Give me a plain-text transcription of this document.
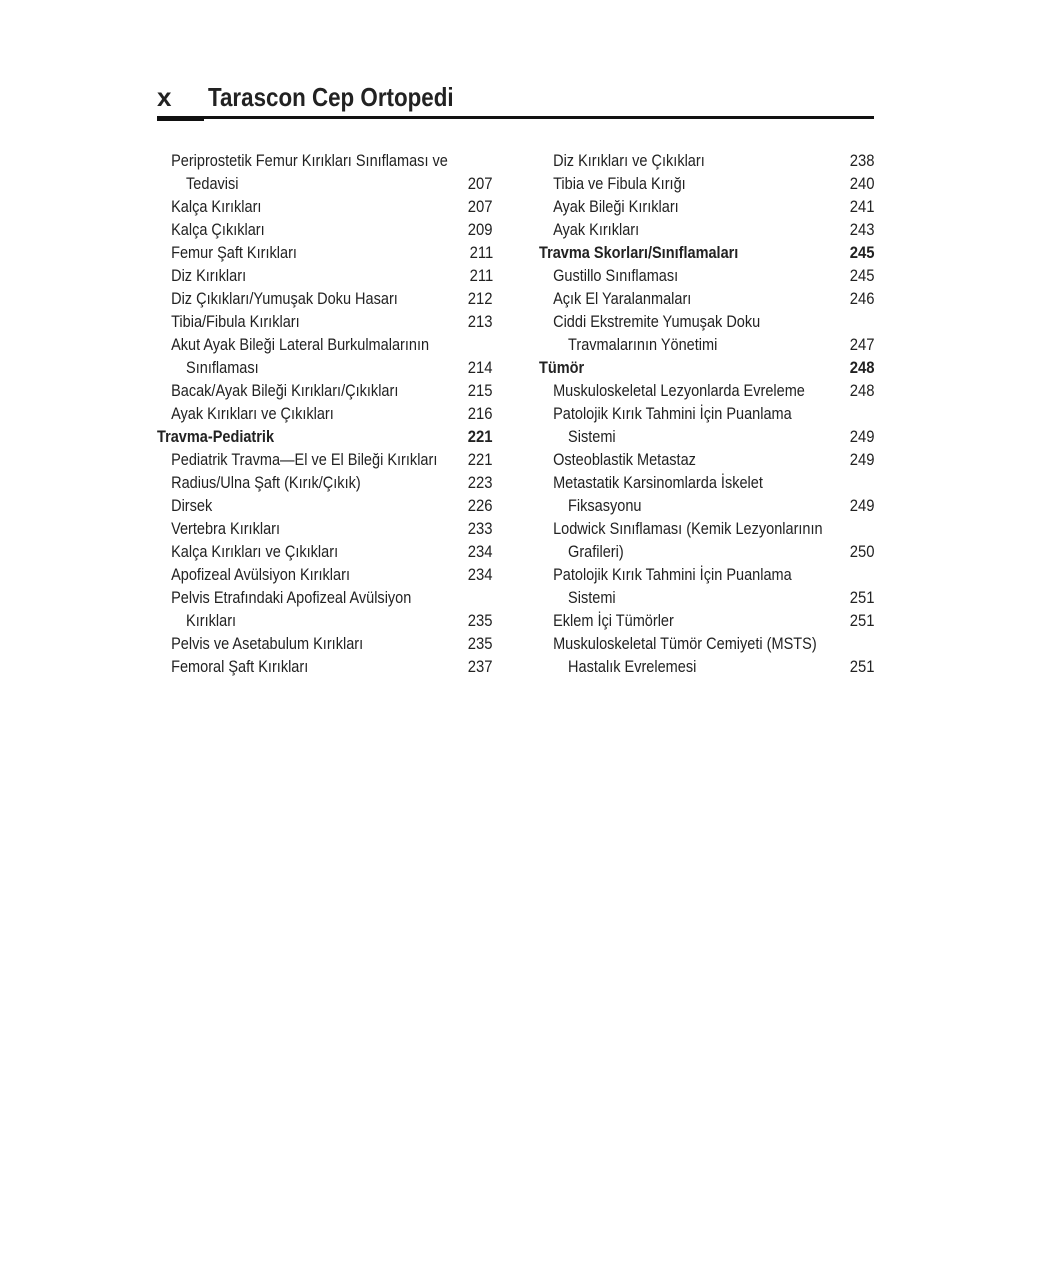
x Tarascon Cep Ortopedi
Periprostetik Femur Kırıkları Sınıflaması ve
Tedavisi	207
Kalça Kırıkları	207
Kalça Çıkıkları	209
Femur Şaft Kırıkları	211
Diz Kırıkları	211
Diz Çıkıkları/Yumuşak Doku Hasarı	212
Tibia/Fibula Kırıkları	213
Akut Ayak Bileği Lateral Burkulmalarının
Sınıflaması	214
Bacak/Ayak Bileği Kırıkları/Çıkıkları	215
Ayak Kırıkları ve Çıkıkları	216
Travma-Pediatrik	221
Pediatrik Travma—El ve El Bileği Kırıkları	221
Radius/Ulna Şaft (Kırık/Çıkık)	223
Dirsek	226
Vertebra Kırıkları	233
Kalça Kırıkları ve Çıkıkları	234
Apofizeal Avülsiyon Kırıkları	234
Pelvis Etrafındaki Apofizeal Avülsiyon
Kırıkları	235
Pelvis ve Asetabulum Kırıkları	235
Femoral Şaft Kırıkları	237
Diz Kırıkları ve Çıkıkları	238
Tibia ve Fibula Kırığı	240
Ayak Bileği Kırıkları	241
Ayak Kırıkları	243
Travma Skorları/Sınıflamaları	245
Gustillo Sınıflaması	245
Açık El Yaralanmaları	246
Ciddi Ekstremite Yumuşak Doku
Travmalarının Yönetimi	247
Tümör	248
Muskuloskeletal Lezyonlarda Evreleme	248
Patolojik Kırık Tahmini İçin Puanlama
Sistemi	249
Osteoblastik Metastaz	249
Metastatik Karsinomlarda İskelet
Fiksasyonu	249
Lodwick Sınıflaması (Kemik Lezyonlarının
Grafileri)	250
Patolojik Kırık Tahmini İçin Puanlama
Sistemi	251
Eklem İçi Tümörler	251
Muskuloskeletal Tümör Cemiyeti (MSTS)
Hastalık Evrelemesi	251
